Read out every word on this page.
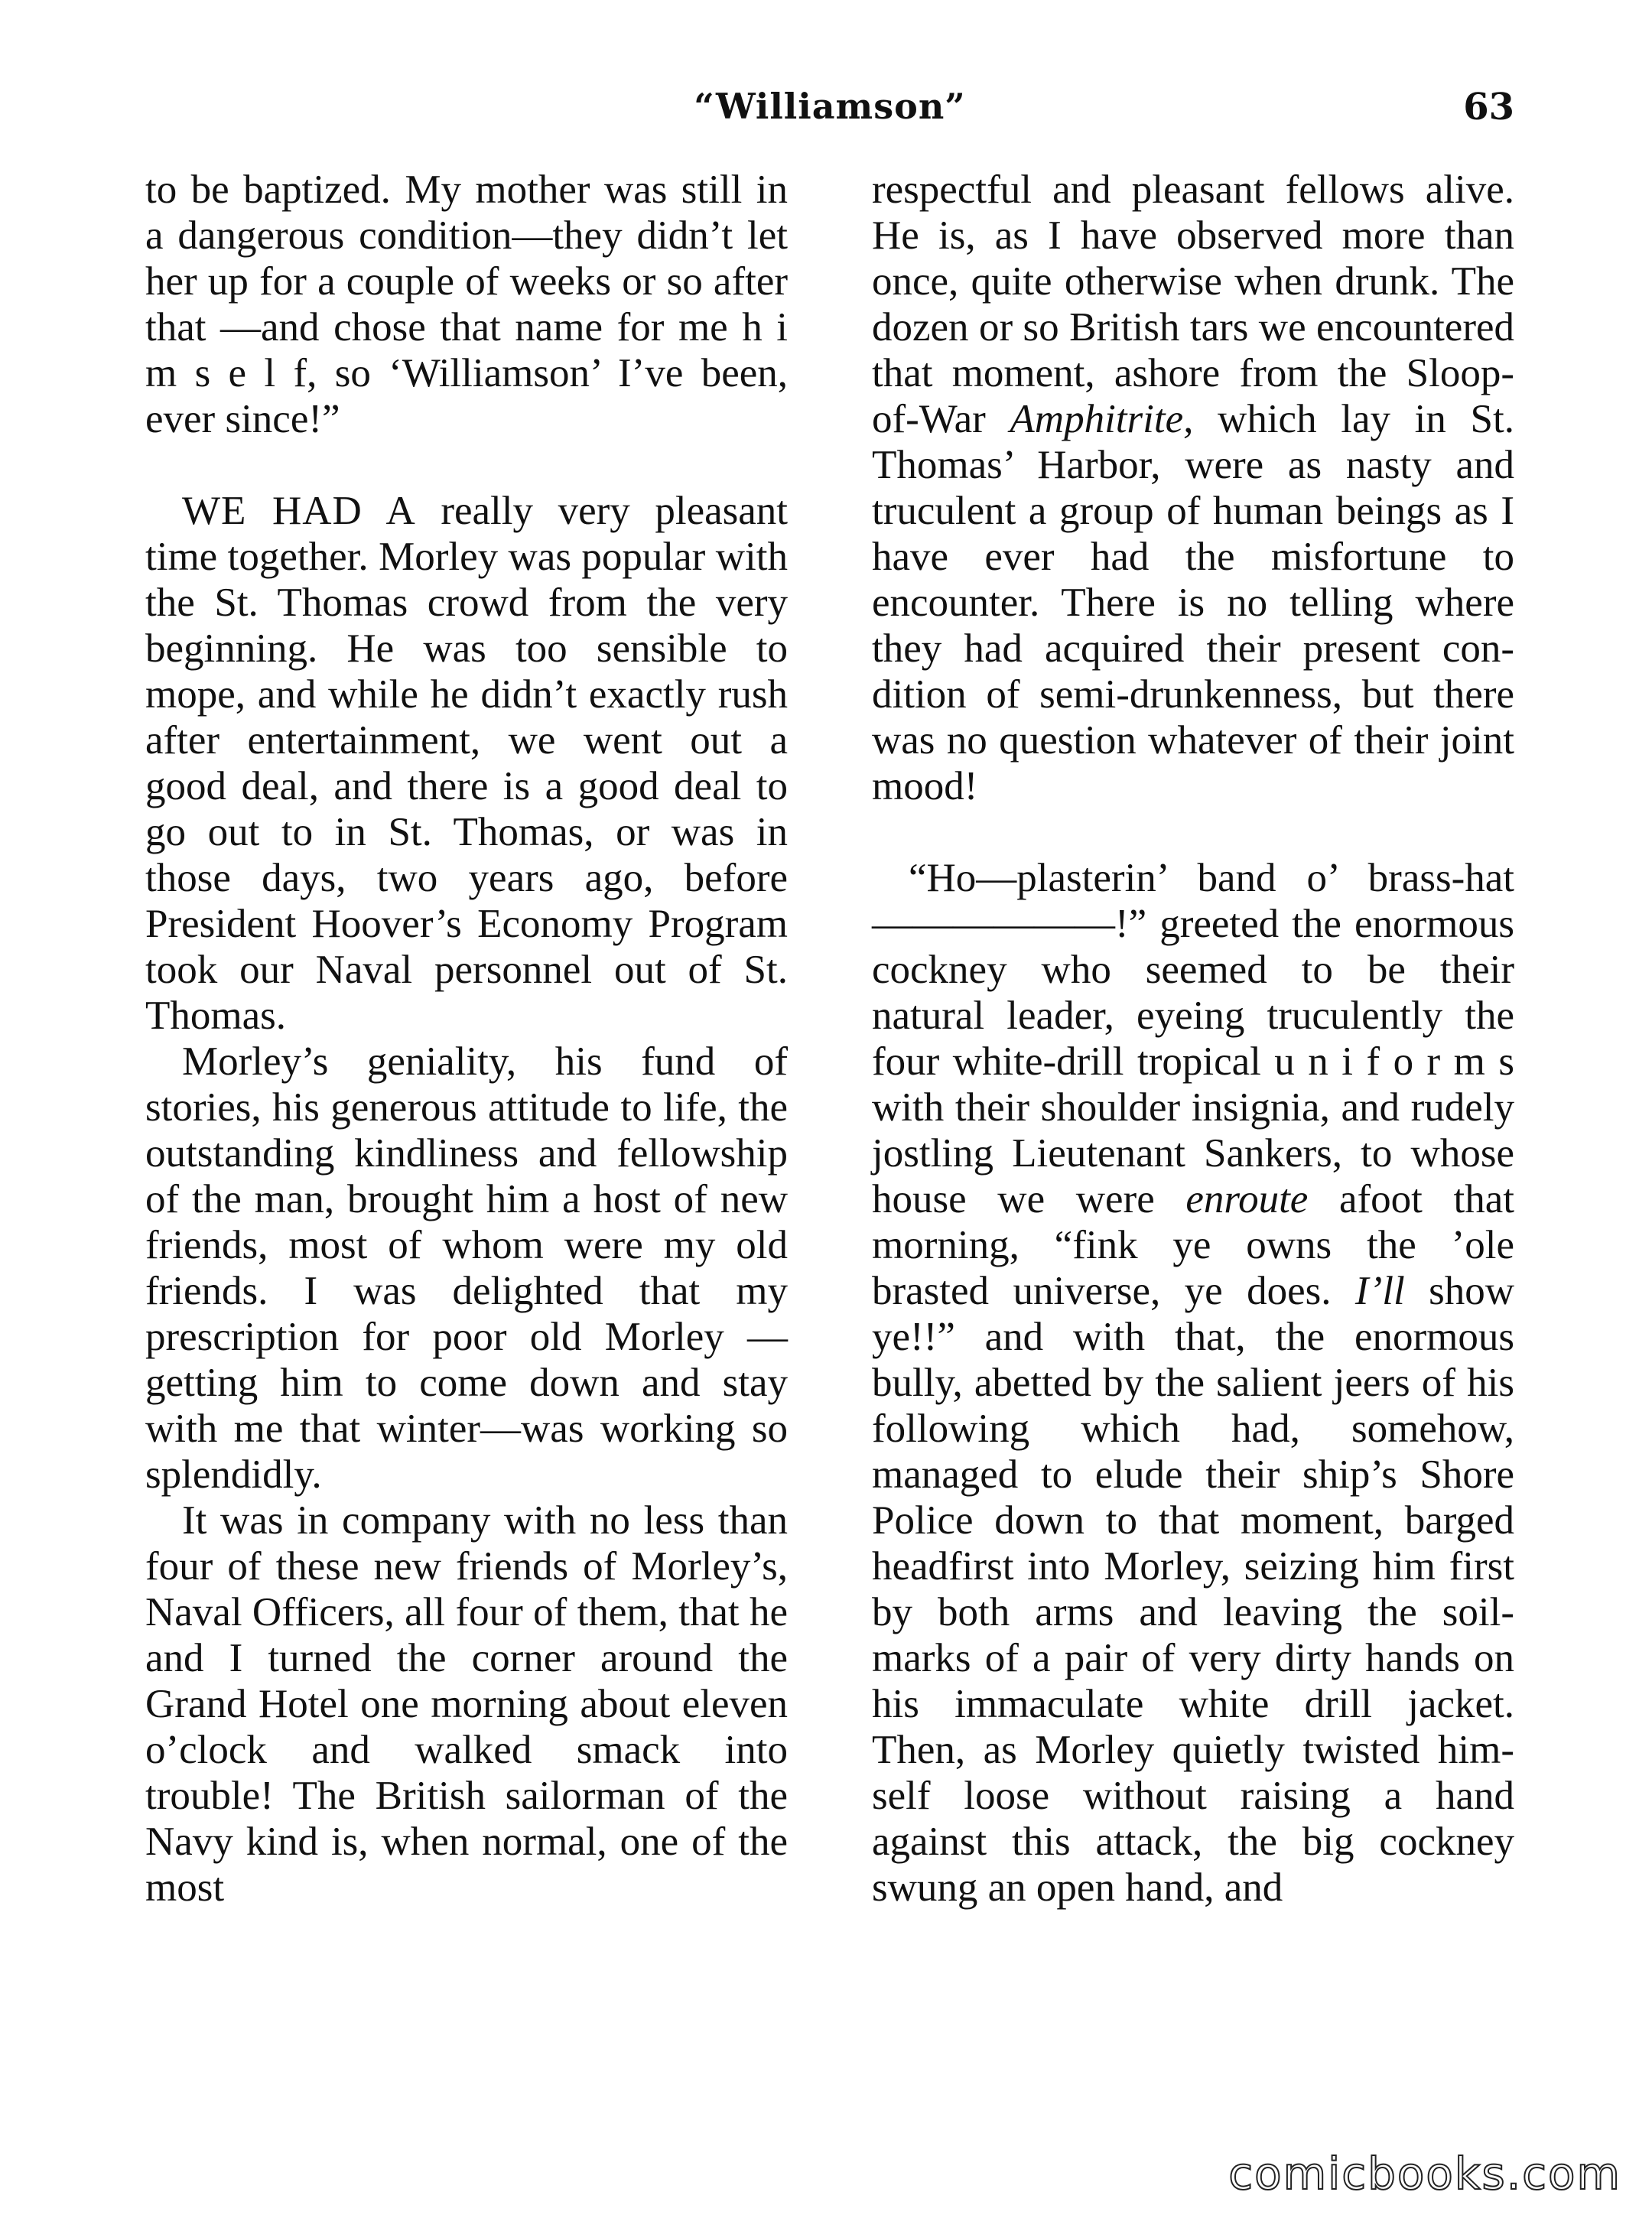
“Williamson”	63

to be baptized. My mother was still in a dangerous condition—they didn’t let her up for a couple of weeks or so after that —and chose that name for me h i m s e l f, so ‘Williamson’ I’ve been, ever since!”

WE HAD A really very pleasant time together. Morley was popular with the St. Thomas crowd from the very beginning. He was too sensible to mope, and while he didn’t exactly rush after entertainment, we went out a good deal, and there is a good deal to go out to in St. Thomas, or was in those days, two years ago, before President Hoover’s Economy Program took our Naval personnel out of St. Thomas.

Morley’s geniality, his fund of stories, his generous attitude to life, the outstanding kindliness and fellowship of the man, brought him a host of new friends, most of whom were my old friends. I was delighted that my prescription for poor old Morley — getting him to come down and stay with me that winter—was working so splendidly.

It was in company with no less than four of these new friends of Morley’s, Naval Officers, all four of them, that he and I turned the corner around the Grand Hotel one morning about eleven o’clock and walked smack into trouble! The British sailorman of the Navy kind is, when normal, one of the most

respectful and pleasant fellows alive. He is, as I have observed more than once, quite otherwise when drunk. The dozen or so British tars we encountered that moment, ashore from the Sloop-of-War Amphitrite, which lay in St. Thomas’ Harbor, were as nasty and truculent a group of human beings as I have ever had the misfortune to encounter. There is no telling where they had acquired their present condition of semi-drunkenness, but there was no question whatever of their joint mood!

“Ho—plasterin’ band o’ brass-hat ——————!” greeted the enormous cockney who seemed to be their natural leader, eyeing truculently the four white-drill tropical u n i f o r m s with their shoulder insignia, and rudely jostling Lieutenant Sankers, to whose house we were enroute afoot that morning, “fink ye owns the ’ole brasted universe, ye does. I’ll show ye!!” and with that, the enormous bully, abetted by the salient jeers of his following which had, somehow, managed to elude their ship’s Shore Police down to that moment, barged headfirst into Morley, seizing him first by both arms and leaving the soil-marks of a pair of very dirty hands on his immaculate white drill jacket. Then, as Morley quietly twisted himself loose without raising a hand against this attack, the big cockney swung an open hand, and

comicbooks.com
